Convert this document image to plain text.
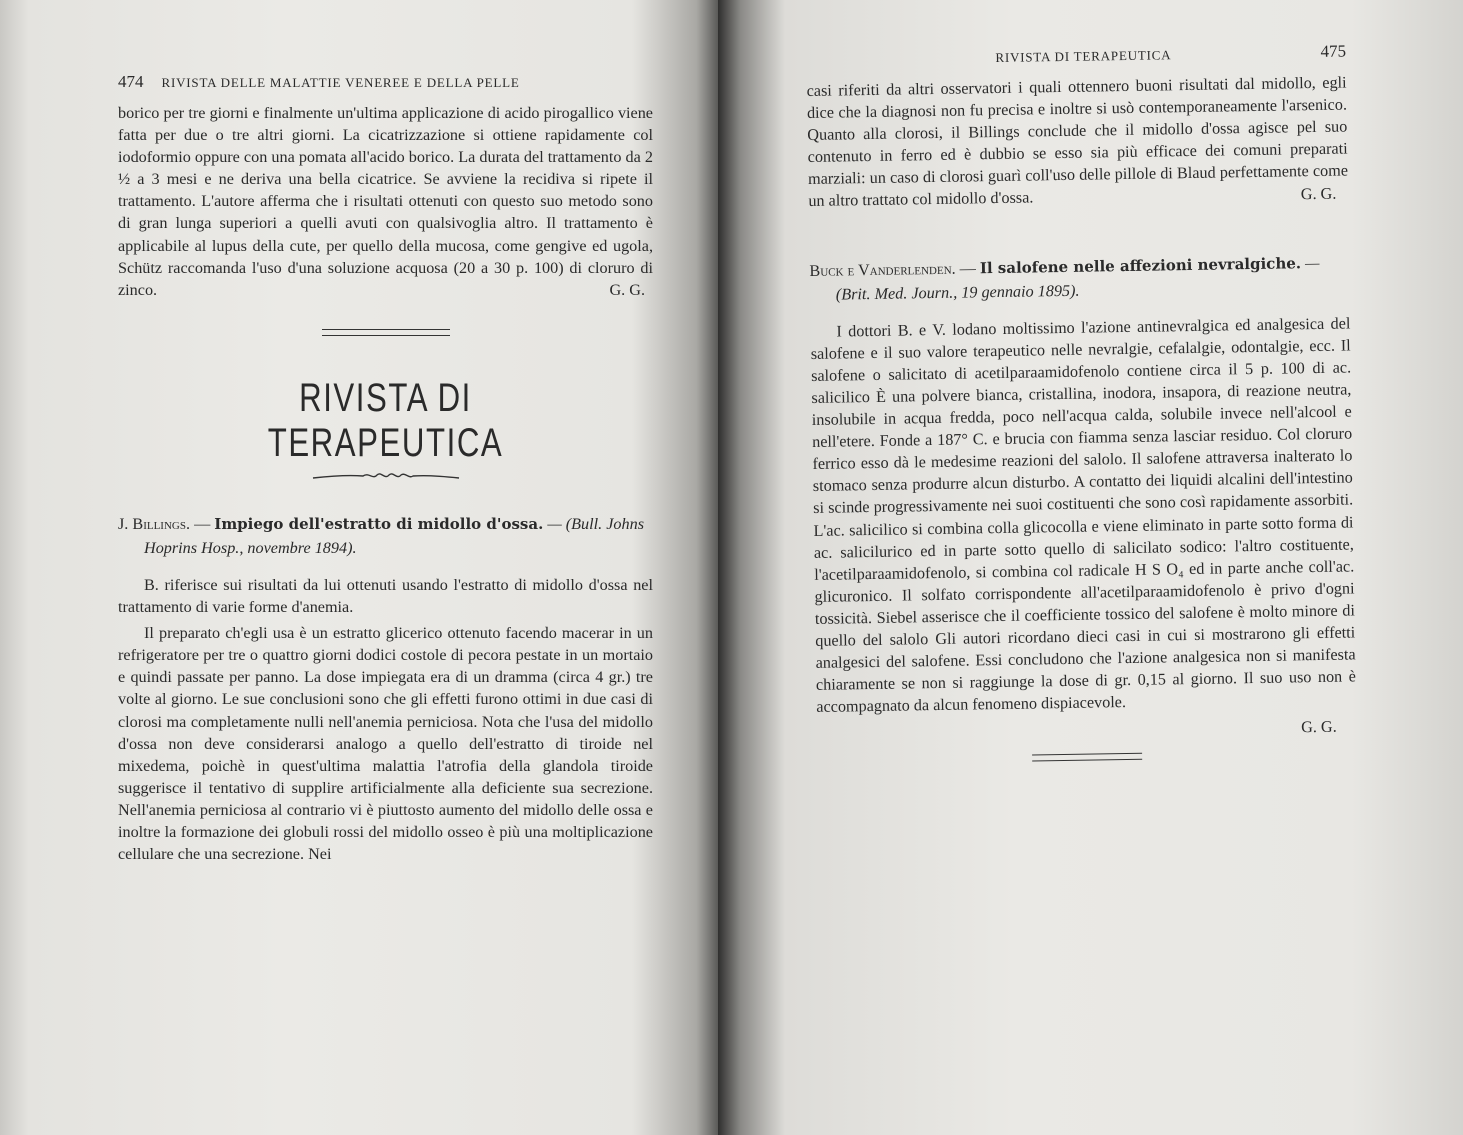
474 RIVISTA DELLE MALATTIE VENEREE E DELLA PELLE

borico per tre giorni e finalmente un'ultima applicazione di acido pirogallico viene fatta per due o tre altri giorni. La cicatrizzazione si ottiene rapidamente col iodoformio oppure con una pomata all'acido borico. La durata del trattamento da 2 ½ a 3 mesi e ne deriva una bella cicatrice. Se avviene la recidiva si ripete il trattamento. L'autore afferma che i risultati ottenuti con questo suo metodo sono di gran lunga superiori a quelli avuti con qualsivoglia altro. Il trattamento è applicabile al lupus della cute, per quello della mucosa, come gengive ed ugola, Schütz raccomanda l'uso d'una soluzione acquosa (20 a 30 p. 100) di cloruro di zinco.	G. G.

RIVISTA DI TERAPEUTICA
J. Billings. — Impiego dell'estratto di midollo d'ossa. — (Bull. Johns Hoprins Hosp., novembre 1894).

B. riferisce sui risultati da lui ottenuti usando l'estratto di midollo d'ossa nel trattamento di varie forme d'anemia.

Il preparato ch'egli usa è un estratto glicerico ottenuto facendo macerar in un refrigeratore per tre o quattro giorni dodici costole di pecora pestate in un mortaio e quindi passate per panno. La dose impiegata era di un dramma (circa 4 gr.) tre volte al giorno. Le sue conclusioni sono che gli effetti furono ottimi in due casi di clorosi ma completamente nulli nell'anemia perniciosa. Nota che l'usa del midollo d'ossa non deve considerarsi analogo a quello dell'estratto di tiroide nel mixedema, poichè in quest'ultima malattia l'atrofia della glandola tiroide suggerisce il tentativo di supplire artificialmente alla deficiente sua secrezione. Nell'anemia perniciosa al contrario vi è piuttosto aumento del midollo delle ossa e inoltre la formazione dei globuli rossi del midollo osseo è più una moltiplicazione cellulare che una secrezione. Nei

RIVISTA DI TERAPEUTICA	475

casi riferiti da altri osservatori i quali ottennero buoni risultati dal midollo, egli dice che la diagnosi non fu precisa e inoltre si usò contemporaneamente l'arsenico. Quanto alla clorosi, il Billings conclude che il midollo d'ossa agisce pel suo contenuto in ferro ed è dubbio se esso sia più efficace dei comuni preparati marziali: un caso di clorosi guarì coll'uso delle pillole di Blaud perfettamente come un altro trattato col midollo d'ossa.	G. G.

Buck e Vanderlenden. — Il salofene nelle affezioni nevralgiche. — (Brit. Med. Journ., 19 gennaio 1895).

I dottori B. e V. lodano moltissimo l'azione antinevralgica ed analgesica del salofene e il suo valore terapeutico nelle nevralgie, cefalalgie, odontalgie, ecc. Il salofene o salicitato di acetilparaamidofenolo contiene circa il 5 p. 100 di ac. salicilico È una polvere bianca, cristallina, inodora, insapora, di reazione neutra, insolubile in acqua fredda, poco nell'acqua calda, solubile invece nell'alcool e nell'etere. Fonde a 187° C. e brucia con fiamma senza lasciar residuo. Col cloruro ferrico esso dà le medesime reazioni del salolo. Il salofene attraversa inalterato lo stomaco senza produrre alcun disturbo. A contatto dei liquidi alcalini dell'intestino si scinde progressivamente nei suoi costituenti che sono così rapidamente assorbiti. L'ac. salicilico si combina colla glicocolla e viene eliminato in parte sotto forma di ac. salicilurico ed in parte sotto quello di salicilato sodico: l'altro costituente, l'acetilparaamidofenolo, si combina col radicale H S O₄ ed in parte anche coll'ac. glicuronico. Il solfato corrispondente all'acetilparaamidofenolo è privo d'ogni tossicità. Siebel asserisce che il coefficiente tossico del salofene è molto minore di quello del salolo Gli autori ricordano dieci casi in cui si mostrarono gli effetti analgesici del salofene. Essi concludono che l'azione analgesica non si manifesta chiaramente se non si raggiunge la dose di gr. 0,15 al giorno. Il suo uso non è accompagnato da alcun fenomeno dispiacevole.

G. G.
